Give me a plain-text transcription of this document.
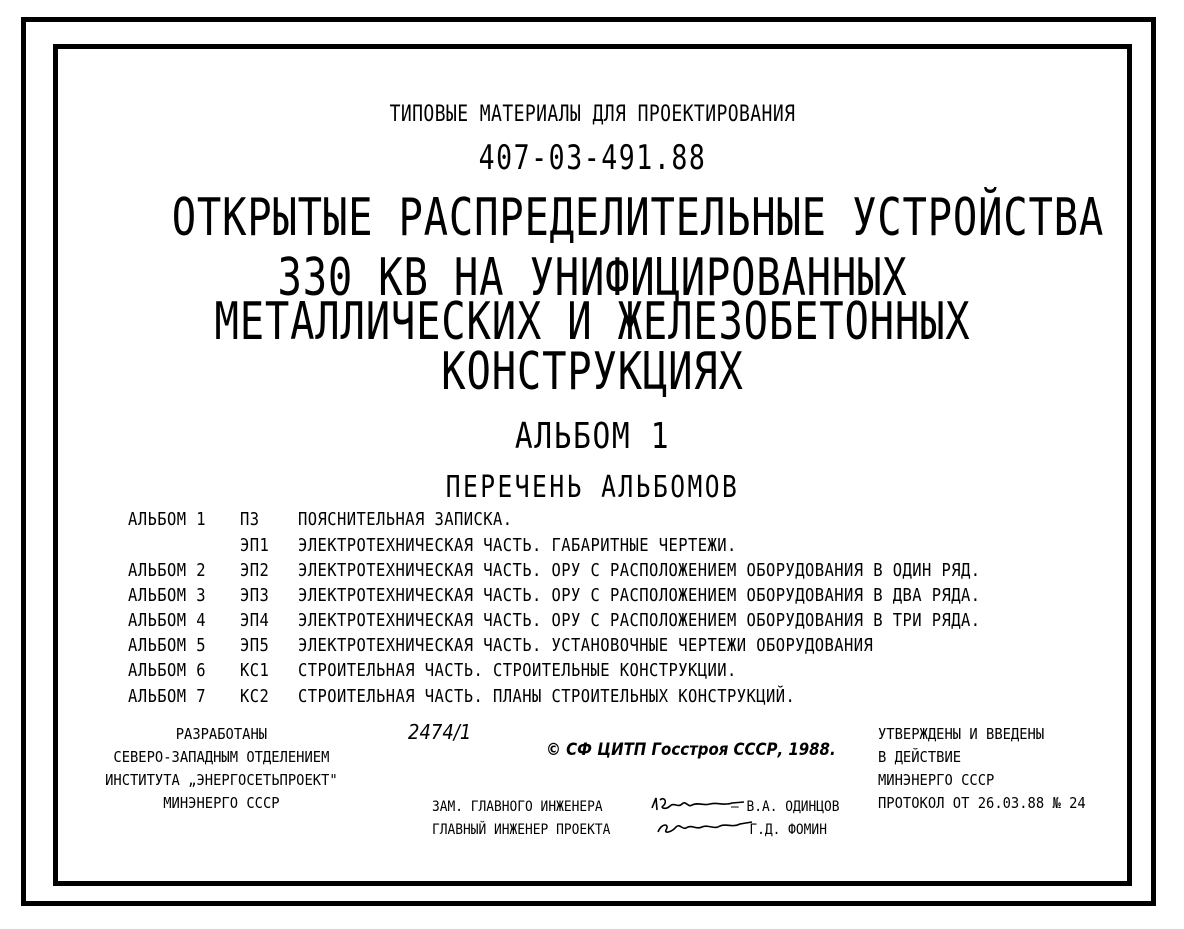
ТИПОВЫЕ МАТЕРИАЛЫ ДЛЯ ПРОЕКТИРОВАНИЯ
407-03-491.88
ОТКРЫТЫЕ РАСПРЕДЕЛИТЕЛЬНЫЕ УСТРОЙСТВА
330 КВ НА УНИФИЦИРОВАННЫХ
МЕТАЛЛИЧЕСКИХ И ЖЕЛЕЗОБЕТОННЫХ
КОНСТРУКЦИЯХ
АЛЬБОМ 1
ПЕРЕЧЕНЬ АЛЬБОМОВ
АЛЬБОМ 1 ПЗ ПОЯСНИТЕЛЬНАЯ ЗАПИСКА.
ЭП1 ЭЛЕКТРОТЕХНИЧЕСКАЯ ЧАСТЬ. ГАБАРИТНЫЕ ЧЕРТЕЖИ.
АЛЬБОМ 2 ЭП2 ЭЛЕКТРОТЕХНИЧЕСКАЯ ЧАСТЬ. ОРУ С РАСПОЛОЖЕНИЕМ ОБОРУДОВАНИЯ В ОДИН РЯД.
АЛЬБОМ 3 ЭП3 ЭЛЕКТРОТЕХНИЧЕСКАЯ ЧАСТЬ. ОРУ С РАСПОЛОЖЕНИЕМ ОБОРУДОВАНИЯ В ДВА РЯДА.
АЛЬБОМ 4 ЭП4 ЭЛЕКТРОТЕХНИЧЕСКАЯ ЧАСТЬ. ОРУ С РАСПОЛОЖЕНИЕМ ОБОРУДОВАНИЯ В ТРИ РЯДА.
АЛЬБОМ 5 ЭП5 ЭЛЕКТРОТЕХНИЧЕСКАЯ ЧАСТЬ. УСТАНОВОЧНЫЕ ЧЕРТЕЖИ ОБОРУДОВАНИЯ
АЛЬБОМ 6 КС1 СТРОИТЕЛЬНАЯ ЧАСТЬ. СТРОИТЕЛЬНЫЕ КОНСТРУКЦИИ.
АЛЬБОМ 7 КС2 СТРОИТЕЛЬНАЯ ЧАСТЬ. ПЛАНЫ СТРОИТЕЛЬНЫХ КОНСТРУКЦИЙ.
РАЗРАБОТАНЫ
СЕВЕРО-ЗАПАДНЫМ ОТДЕЛЕНИЕМ
ИНСТИТУТА „ЭНЕРГОСЕТЬПРОЕКТ"
МИНЭНЕРГО СССР
2474/1
© СФ ЦИТП Госстроя СССР, 1988.
ЗАМ. ГЛАВНОГО ИНЖЕНЕРА	— В.А. ОДИНЦОВ
ГЛАВНЫЙ ИНЖЕНЕР ПРОЕКТА	Г.Д. ФОМИН
УТВЕРЖДЕНЫ И ВВЕДЕНЫ
В ДЕЙСТВИЕ
МИНЭНЕРГО СССР
ПРОТОКОЛ ОТ 26.03.88 № 24
